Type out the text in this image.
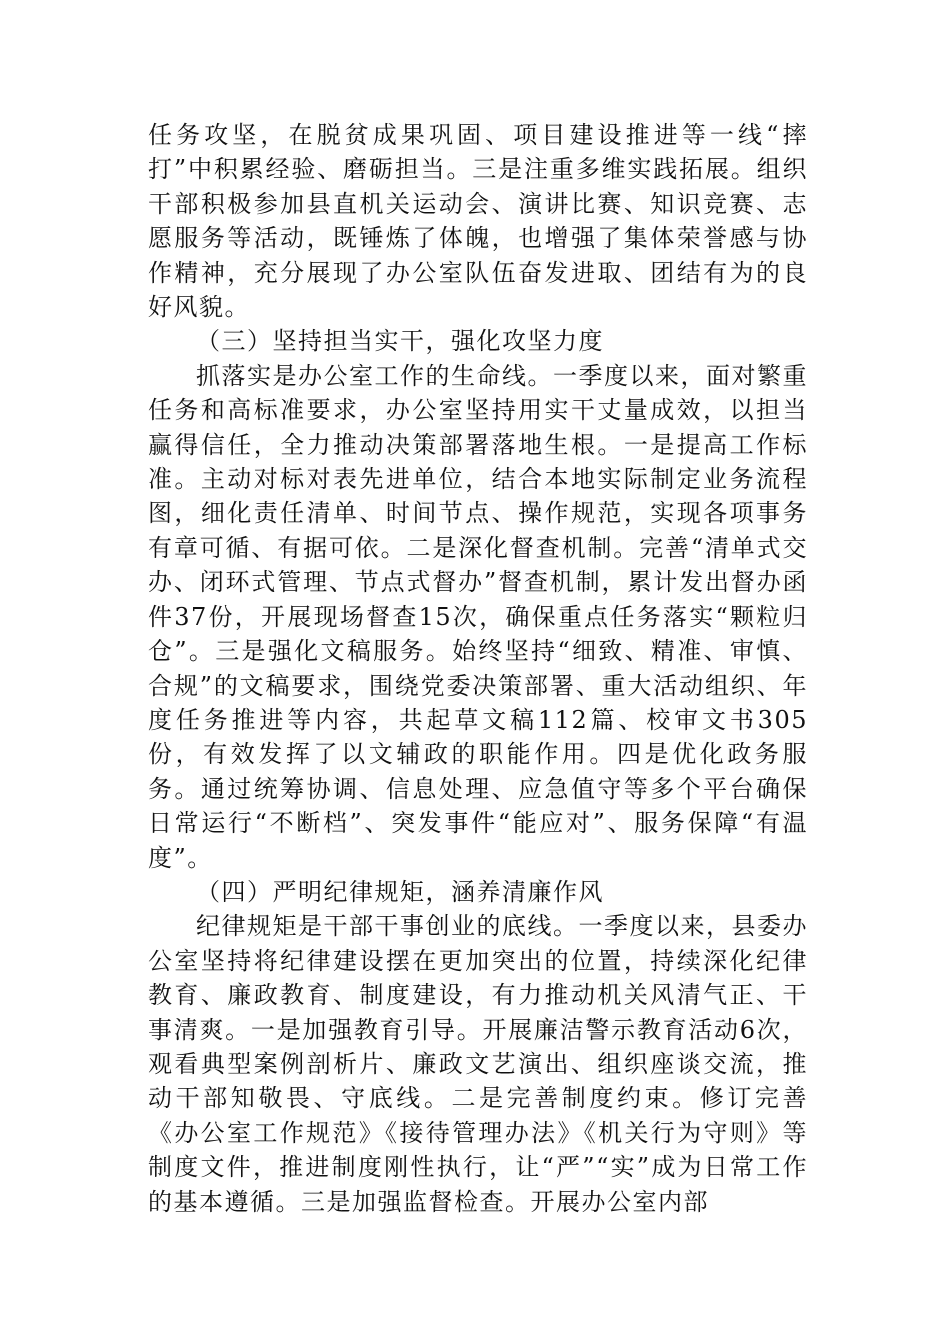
任务攻坚，在脱贫成果巩固、项目建设推进等一线“摔打”中积累经验、磨砺担当。三是注重多维实践拓展。组织干部积极参加县直机关运动会、演讲比赛、知识竞赛、志愿服务等活动，既锤炼了体魄，也增强了集体荣誉感与协作精神，充分展现了办公室队伍奋发进取、团结有为的良好风貌。

（三）坚持担当实干，强化攻坚力度

抓落实是办公室工作的生命线。一季度以来，面对繁重任务和高标准要求，办公室坚持用实干丈量成效，以担当赢得信任，全力推动决策部署落地生根。一是提高工作标准。主动对标对表先进单位，结合本地实际制定业务流程图，细化责任清单、时间节点、操作规范，实现各项事务有章可循、有据可依。二是深化督查机制。完善“清单式交办、闭环式管理、节点式督办”督查机制，累计发出督办函件37份，开展现场督查15次，确保重点任务落实“颗粒归仓”。三是强化文稿服务。始终坚持“细致、精准、审慎、合规”的文稿要求，围绕党委决策部署、重大活动组织、年度任务推进等内容，共起草文稿112篇、校审文书305份，有效发挥了以文辅政的职能作用。四是优化政务服务。通过统筹协调、信息处理、应急值守等多个平台确保日常运行“不断档”、突发事件“能应对”、服务保障“有温度”。

（四）严明纪律规矩，涵养清廉作风

纪律规矩是干部干事创业的底线。一季度以来，县委办公室坚持将纪律建设摆在更加突出的位置，持续深化纪律教育、廉政教育、制度建设，有力推动机关风清气正、干事清爽。一是加强教育引导。开展廉洁警示教育活动6次，观看典型案例剖析片、廉政文艺演出、组织座谈交流，推动干部知敬畏、守底线。二是完善制度约束。修订完善《办公室工作规范》《接待管理办法》《机关行为守则》等制度文件，推进制度刚性执行，让“严”“实”成为日常工作的基本遵循。三是加强监督检查。开展办公室内部
